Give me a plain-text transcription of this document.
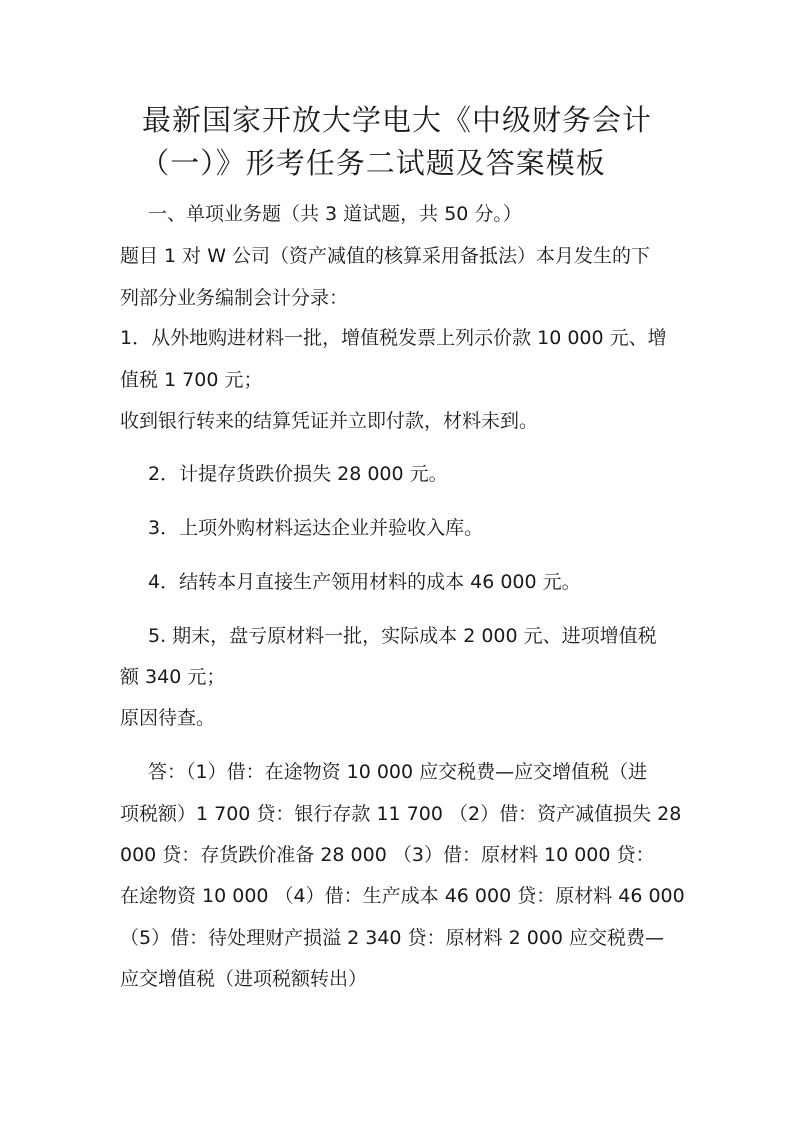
最新国家开放大学电大《中级财务会计
（一）》形考任务二试题及答案模板

一、单项业务题（共 3 道试题，共 50 分。）

题目 1 对 W 公司（资产减值的核算采用备抵法）本月发生的下

列部分业务编制会计分录：

1．从外地购进材料一批，增值税发票上列示价款 10 000 元、增

值税 1 700 元；

收到银行转来的结算凭证并立即付款，材料未到。

2．计提存货跌价损失 28 000 元。

3．上项外购材料运达企业并验收入库。

4．结转本月直接生产领用材料的成本 46 000 元。

5. 期末，盘亏原材料一批，实际成本 2 000 元、进项增值税

额 340 元；

原因待查。

答：（1）借：在途物资 10 000 应交税费—应交增值税（进

项税额）1 700 贷：银行存款 11 700 （2）借：资产减值损失 28

000 贷：存货跌价准备 28 000 （3）借：原材料 10 000 贷：

在途物资 10 000 （4）借：生产成本 46 000 贷：原材料 46 000

（5）借：待处理财产损溢 2 340 贷：原材料 2 000 应交税费—

应交增值税（进项税额转出）
